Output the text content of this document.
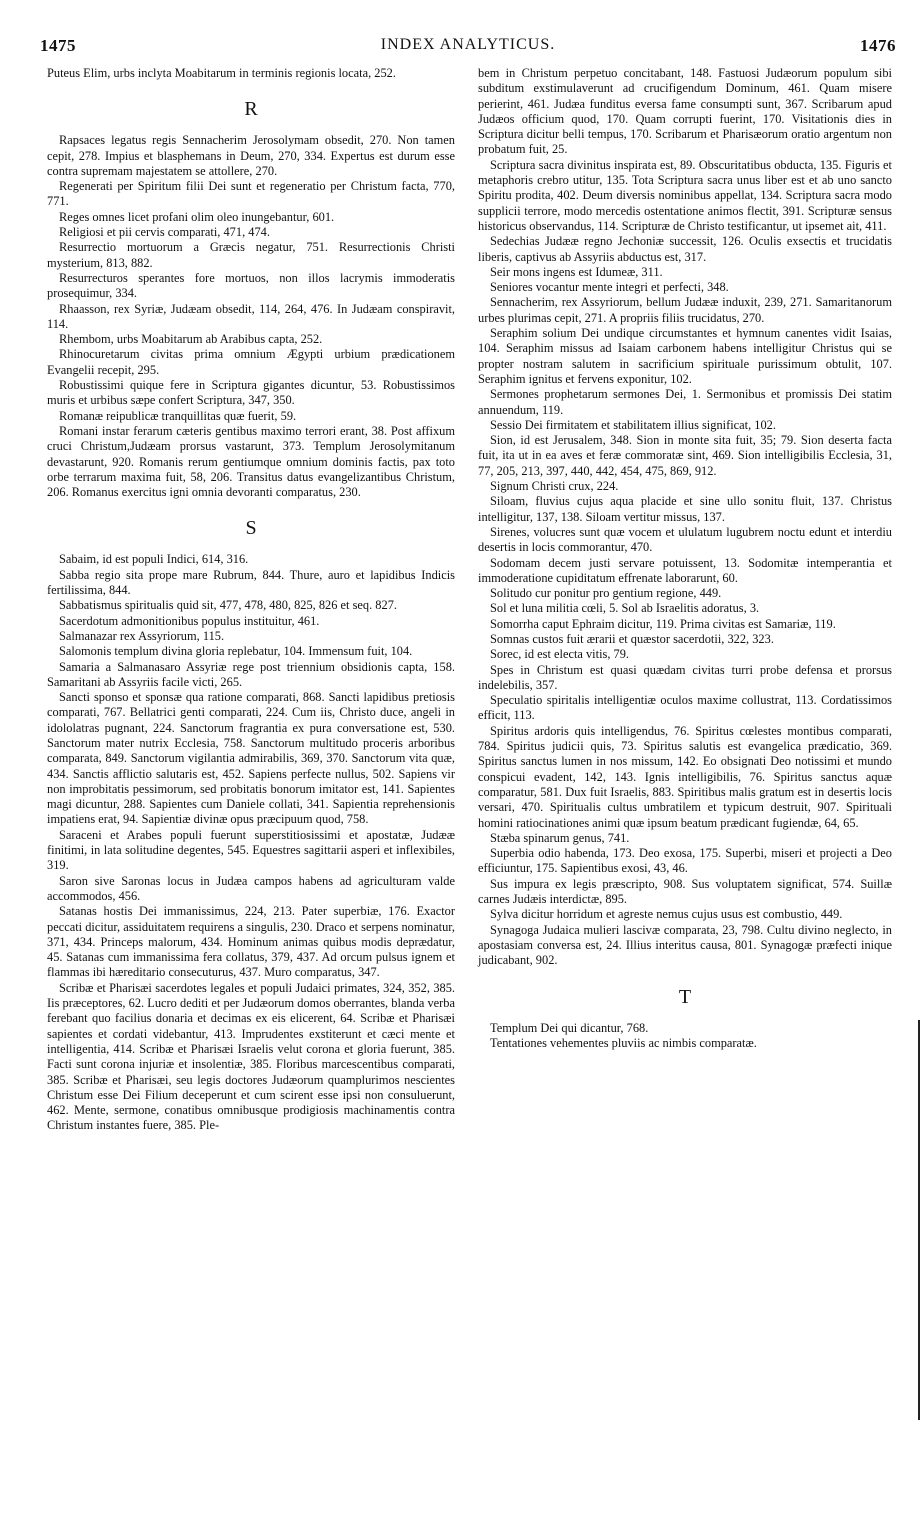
1475	INDEX ANALYTICUS.	1476

Puteus Elim, urbs inclyta Moabitarum in terminis regionis locata, 252.

R

Rapsaces legatus regis Sennacherim Jerosolymam obsedit, 270. Non tamen cepit, 278. Impius et blasphemans in Deum, 270, 334. Expertus est durum esse contra supremam majestatem se attollere, 270.

Regenerati per Spiritum filii Dei sunt et regeneratio per Christum facta, 770, 771.

Reges omnes licet profani olim oleo inungebantur, 601.

Religiosi et pii cervis comparati, 471, 474.

Resurrectio mortuorum a Græcis negatur, 751. Resurrectionis Christi mysterium, 813, 882.

Resurrecturos sperantes fore mortuos, non illos lacrymis immoderatis prosequimur, 334.

Rhaasson, rex Syriæ, Judæam obsedit, 114, 264, 476. In Judæam conspiravit, 114.

Rhembom, urbs Moabitarum ab Arabibus capta, 252.

Rhinocuretarum civitas prima omnium Ægypti urbium prædicationem Evangelii recepit, 295.

Robustissimi quique fere in Scriptura gigantes dicuntur, 53. Robustissimos muris et urbibus sæpe confert Scriptura, 347, 350.

Romanæ reipublicæ tranquillitas quæ fuerit, 59.

Romani instar ferarum cæteris gentibus maximo terrori erant, 38. Post affixum cruci Christum,Judæam prorsus vastarunt, 373. Templum Jerosolymitanum devastarunt, 920. Romanis rerum gentiumque omnium dominis factis, pax toto orbe terrarum maxima fuit, 58, 206. Transitus datus evangelizantibus Christum, 206. Romanus exercitus igni omnia devoranti comparatus, 230.

S

Sabaim, id est populi Indici, 614, 316.

Sabba regio sita prope mare Rubrum, 844. Thure, auro et lapidibus Indicis fertilissima, 844.

Sabbatismus spiritualis quid sit, 477, 478, 480, 825, 826 et seq. 827.

Sacerdotum admonitionibus populus instituitur, 461.

Salmanazar rex Assyriorum, 115.

Salomonis templum divina gloria replebatur, 104. Immensum fuit, 104.

Samaria a Salmanasaro Assyriæ rege post triennium obsidionis capta, 158. Samaritani ab Assyriis facile victi, 265.

Sancti sponso et sponsæ qua ratione comparati, 868. Sancti lapidibus pretiosis comparati, 767. Bellatrici genti comparati, 224. Cum iis, Christo duce, angeli in idololatras pugnant, 224. Sanctorum fragrantia ex pura conversatione est, 530. Sanctorum mater nutrix Ecclesia, 758. Sanctorum multitudo proceris arboribus comparata, 849. Sanctorum vigilantia admirabilis, 369, 370. Sanctorum vita quæ, 434. Sanctis afflictio salutaris est, 452. Sapiens perfecte nullus, 502. Sapiens vir non improbitatis pessimorum, sed probitatis bonorum imitator est, 141. Sapientes magi dicuntur, 288. Sapientes cum Daniele collati, 341. Sapientia reprehensionis impatiens erat, 94. Sapientiæ divinæ opus præcipuum quod, 758.

Saraceni et Arabes populi fuerunt superstitiosissimi et apostatæ, Judææ finitimi, in lata solitudine degentes, 545. Equestres sagittarii asperi et inflexibiles, 319.

Saron sive Saronas locus in Judæa campos habens ad agriculturam valde accommodos, 456.

Satanas hostis Dei immanissimus, 224, 213. Pater superbiæ, 176. Exactor peccati dicitur, assiduitatem requirens a singulis, 230. Draco et serpens nominatur, 371, 434. Princeps malorum, 434. Hominum animas quibus modis deprædatur, 45. Satanas cum immanissima fera collatus, 379, 437. Ad orcum pulsus ignem et flammas ibi hæreditario consecuturus, 437. Muro comparatus, 347.

Scribæ et Pharisæi sacerdotes legales et populi Judaici primates, 324, 352, 385. Iis præceptores, 62. Lucro dediti et per Judæorum domos oberrantes, blanda verba ferebant quo facilius donaria et decimas ex eis elicerent, 64. Scribæ et Pharisæi sapientes et cordati videbantur, 413. Imprudentes exstiterunt et cæci mente et intelligentia, 414. Scribæ et Pharisæi Israelis velut corona et gloria fuerunt, 385. Facti sunt corona injuriæ et insolentiæ, 385. Floribus marcescentibus comparati, 385. Scribæ et Pharisæi, seu legis doctores Judæorum quamplurimos nescientes Christum esse Dei Filium deceperunt et cum scirent esse ipsi non consuluerunt, 462. Mente, sermone, conatibus omnibusque prodigiosis machinamentis contra Christum instantes fuere, 385. Ple-

bem in Christum perpetuo concitabant, 148. Fastuosi Judæorum populum sibi subditum exstimulaverunt ad crucifigendum Dominum, 461. Quam misere perierint, 461. Judæa funditus eversa fame consumpti sunt, 367. Scribarum apud Judæos officium quod, 170. Quam corrupti fuerint, 170. Visitationis dies in Scriptura dicitur belli tempus, 170. Scribarum et Pharisæorum oratio argentum non probatum fuit, 25.

Scriptura sacra divinitus inspirata est, 89. Obscuritatibus obducta, 135. Figuris et metaphoris crebro utitur, 135. Tota Scriptura sacra unus liber est et ab uno sancto Spiritu prodita, 402. Deum diversis nominibus appellat, 134. Scriptura sacra modo supplicii terrore, modo mercedis ostentatione animos flectit, 391. Scripturæ sensus historicus observandus, 114. Scripturæ de Christo testificantur, ut ipsemet ait, 411.

Sedechias Judææ regno Jechoniæ successit, 126. Oculis exsectis et trucidatis liberis, captivus ab Assyriis abductus est, 317.

Seir mons ingens est Idumeæ, 311.

Seniores vocantur mente integri et perfecti, 348.

Sennacherim, rex Assyriorum, bellum Judææ induxit, 239, 271. Samaritanorum urbes plurimas cepit, 271. A propriis filiis trucidatus, 270.

Seraphim solium Dei undique circumstantes et hymnum canentes vidit Isaias, 104. Seraphim missus ad Isaiam carbonem habens intelligitur Christus qui se propter nostram salutem in sacrificium spirituale purissimum obtulit, 107. Seraphim ignitus et fervens exponitur, 102.

Sermones prophetarum sermones Dei, 1. Sermonibus et promissis Dei statim annuendum, 119.

Sessio Dei firmitatem et stabilitatem illius significat, 102.

Sion, id est Jerusalem, 348. Sion in monte sita fuit, 35; 79. Sion deserta facta fuit, ita ut in ea aves et feræ commoratæ sint, 469. Sion intelligibilis Ecclesia, 31, 77, 205, 213, 397, 440, 442, 454, 475, 869, 912.

Signum Christi crux, 224.

Siloam, fluvius cujus aqua placide et sine ullo sonitu fluit, 137. Christus intelligitur, 137, 138. Siloam vertitur missus, 137.

Sirenes, volucres sunt quæ vocem et ululatum lugubrem noctu edunt et interdiu desertis in locis commorantur, 470.

Sodomam decem justi servare potuissent, 13. Sodomitæ intemperantia et immoderatione cupiditatum effrenate laborarunt, 60.

Solitudo cur ponitur pro gentium regione, 449.

Sol et luna militia cœli, 5. Sol ab Israelitis adoratus, 3.

Somorrha caput Ephraim dicitur, 119. Prima civitas est Samariæ, 119.

Somnas custos fuit ærarii et quæstor sacerdotii, 322, 323.

Sorec, id est electa vitis, 79.

Spes in Christum est quasi quædam civitas turri probe defensa et prorsus indelebilis, 357.

Speculatio spiritalis intelligentiæ oculos maxime collustrat, 113. Cordatissimos efficit, 113.

Spiritus ardoris quis intelligendus, 76. Spiritus cœlestes montibus comparati, 784. Spiritus judicii quis, 73. Spiritus salutis est evangelica prædicatio, 369. Spiritus sanctus lumen in nos missum, 142. Eo obsignati Deo notissimi et mundo conspicui evadent, 142, 143. Ignis intelligibilis, 76. Spiritus sanctus aquæ comparatur, 581. Dux fuit Israelis, 883. Spiritibus malis gratum est in desertis locis versari, 470. Spiritualis cultus umbratilem et typicum destruit, 907. Spirituali homini ratiocinationes animi quæ ipsum beatum prædicant fugiendæ, 64, 65.

Stæba spinarum genus, 741.

Superbia odio habenda, 173. Deo exosa, 175. Superbi, miseri et projecti a Deo efficiuntur, 175. Sapientibus exosi, 43, 46.

Sus impura ex legis præscripto, 908. Sus voluptatem significat, 574. Suillæ carnes Judæis interdictæ, 895.

Sylva dicitur horridum et agreste nemus cujus usus est combustio, 449.

Synagoga Judaica mulieri lascivæ comparata, 23, 798. Cultu divino neglecto, in apostasiam conversa est, 24. Illius interitus causa, 801. Synagogæ præfecti inique judicabant, 902.

T

Templum Dei qui dicantur, 768.

Tentationes vehementes pluviis ac nimbis comparatæ.
